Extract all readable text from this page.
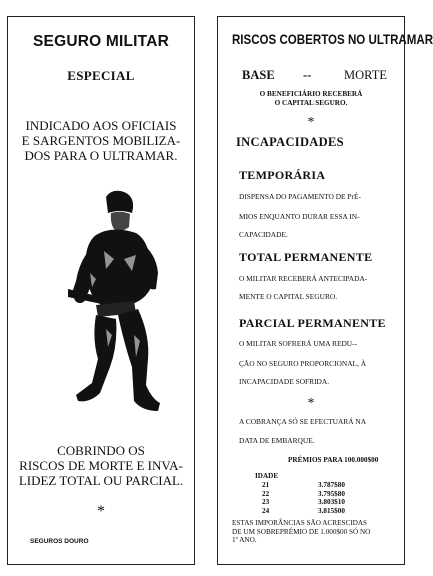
SEGURO MILITAR
ESPECIAL
INDICADO AOS OFICIAIS
E SARGENTOS MOBILIZA-
DOS PARA O ULTRAMAR.
COBRINDO OS
RISCOS DE MORTE E INVA-
LIDEZ TOTAL OU PARCIAL.
*
SEGUROS DOURO
RISCOS COBERTOS NO ULTRAMAR
BASE --	MORTE
O BENEFICIÁRIO RECEBERÁ
O CAPITAL SEGURO.
*
INCAPACIDADES
TEMPORÁRIA
DISPENSA DO PAGAMENTO DE PrÉ-
MIOS ENQUANTO DURAR ESSA IN-
CAPACIDADE.
TOTAL PERMANENTE
O MILITAR RECEBERÁ ANTECIPADA-
MENTE O CAPITAL SEGURO.
PARCIAL PERMANENTE
O MILITAR SOFRERÁ UMA REDU--
ÇÃO NO SEGURO PROPORCIONAL, À
INCAPACIDADE SOFRIDA.
*
A COBRANÇA SÓ SE EFECTUARÁ NA
DATA DE EMBARQUE.
PRÉMIOS PARA 100.000$00
IDADE
21	3.787$80
22	3.795$80
23	3.803$10
24	3.815$00
ESTAS IMPORÂNCIAS SÃO ACRESCIDAS
DE UM SOBREPRÉMIO DE 1.000$00 SÓ NO
1º ANO.
